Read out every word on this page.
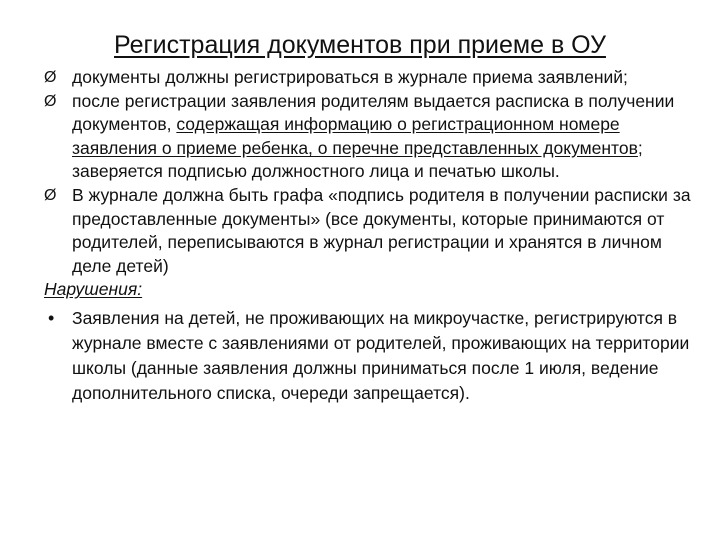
Регистрация документов при приеме в ОУ
Ø документы должны регистрироваться в журнале приема заявлений;
Ø после регистрации заявления родителям выдается расписка в получении документов, содержащая информацию о регистрационном номере заявления о приеме ребенка, о перечне представленных документов; заверяется подписью должностного лица и печатью школы.
Ø В журнале должна быть графа «подпись родителя в получении расписки за предоставленные документы» (все документы, которые принимаются от родителей, переписываются в журнал регистрации и хранятся в личном деле детей)
Нарушения:
•	Заявления на детей, не проживающих на микроучастке, регистрируются в журнале вместе с заявлениями от родителей, проживающих на территории школы (данные заявления должны приниматься после 1 июля, ведение дополнительного списка, очереди запрещается).
